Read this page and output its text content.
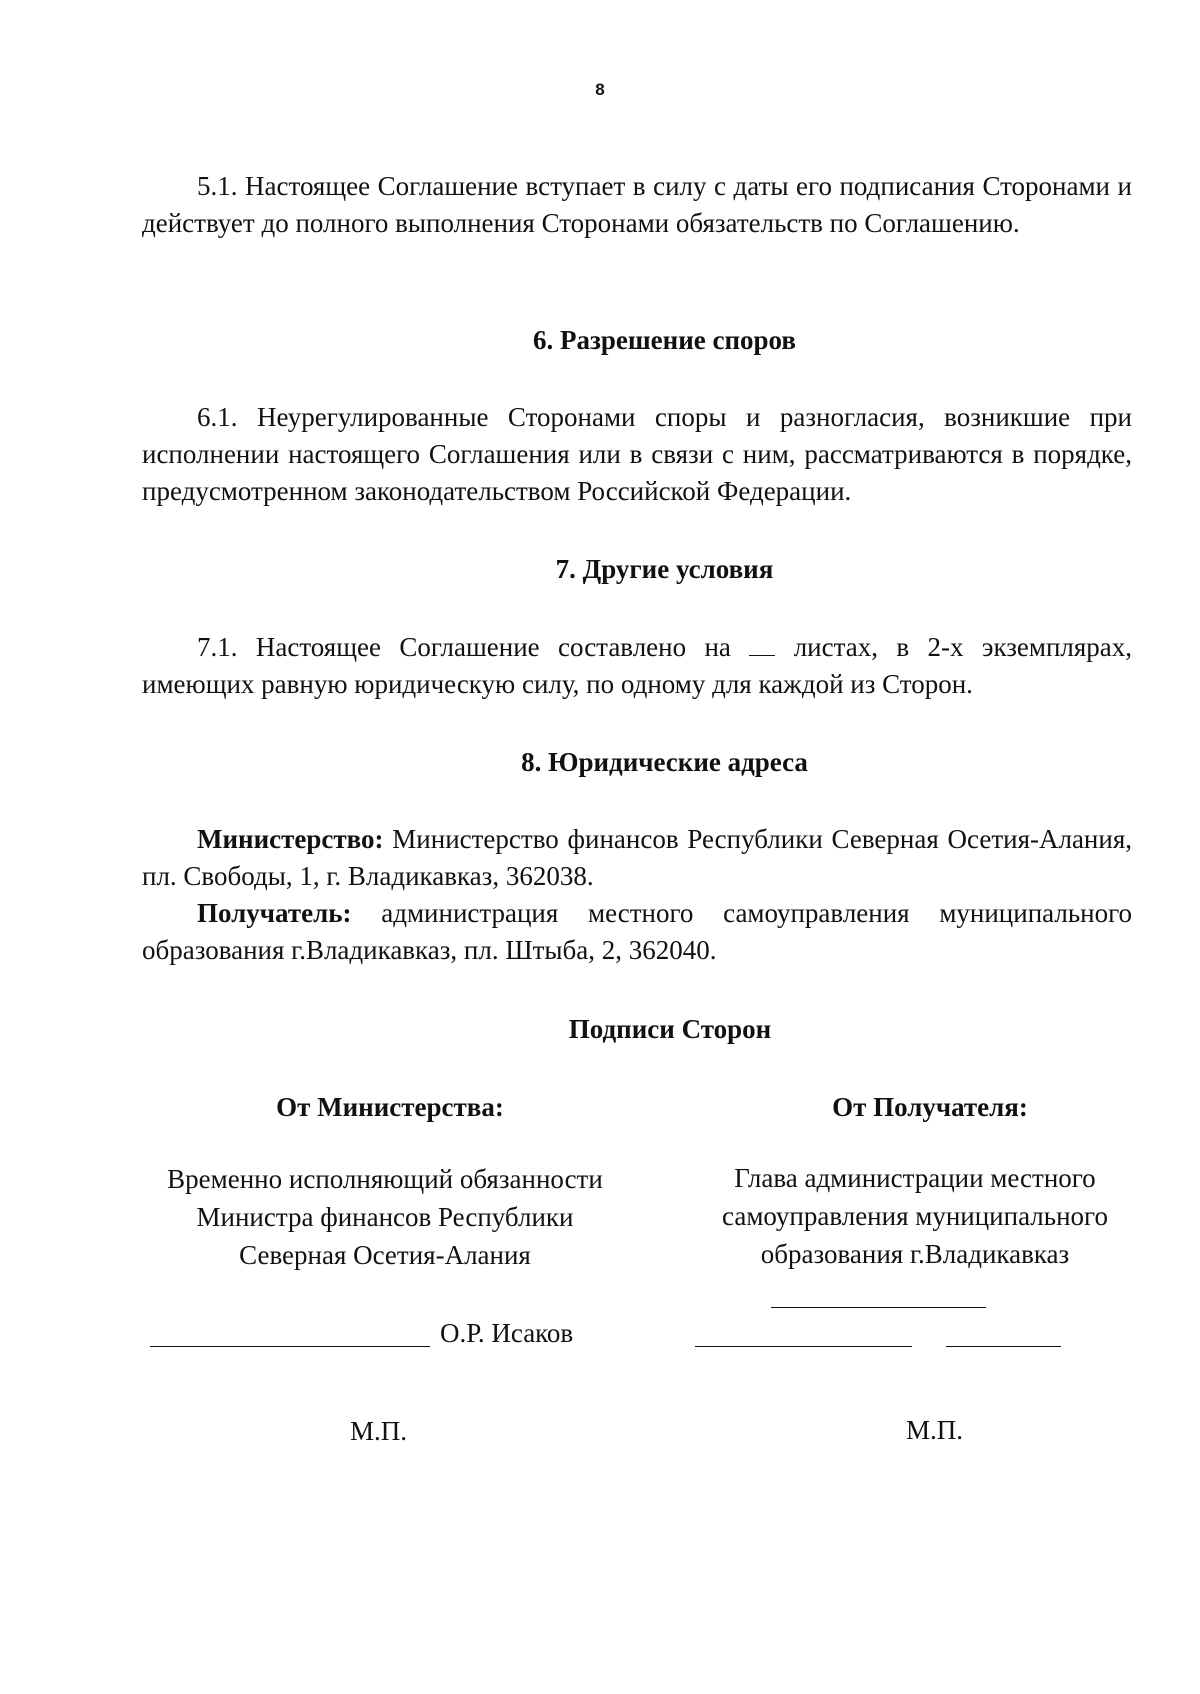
8

5.1. Настоящее Соглашение вступает в силу с даты его подписания Сторонами и действует до полного выполнения Сторонами обязательств по Соглашению.

6. Разрешение споров

6.1. Неурегулированные Сторонами споры и разногласия, возникшие при исполнении настоящего Соглашения или в связи с ним, рассматриваются в порядке, предусмотренном законодательством Российской Федерации.

7. Другие условия

7.1. Настоящее Соглашение составлено на листах, в 2-х экземплярах, имеющих равную юридическую силу, по одному для каждой из Сторон.

8. Юридические адреса

Министерство: Министерство финансов Республики Северная Осетия-Алания, пл. Свободы, 1, г. Владикавказ, 362038.

Получатель: администрация местного самоуправления муниципального образования г.Владикавказ, пл. Штыба, 2, 362040.

Подписи Сторон
От Министерства:
Временно исполняющий обязанности
Министра финансов Республики
Северная Осетия-Алания
О.Р. Исаков
М.П.
От Получателя:
Глава администрации местного
самоуправления муниципального
образования г.Владикавказ
М.П.
